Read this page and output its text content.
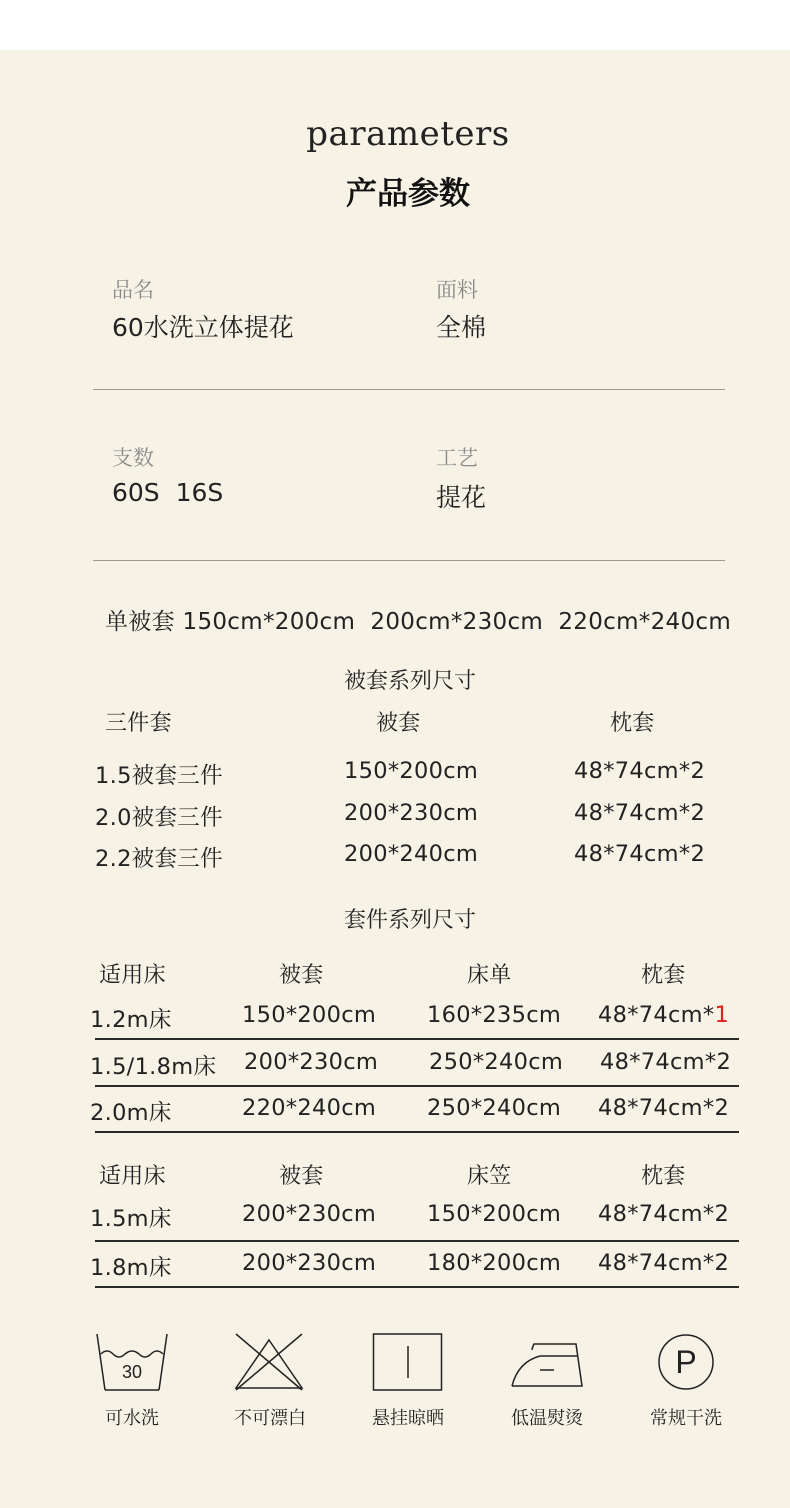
parameters
产品参数
品名
60水洗立体提花
面料
全棉
支数
60S  16S
工艺
提花
单被套 150cm*200cm  200cm*230cm  220cm*240cm
被套系列尺寸
三件套	被套	枕套
1.5被套三件	150*200cm	48*74cm*2
2.0被套三件	200*230cm	48*74cm*2
2.2被套三件	200*240cm	48*74cm*2
套件系列尺寸
适用床	被套	床单	枕套
1.2m床	150*200cm 160*235cm 48*74cm*1
1.5/1.8m床 200*230cm 250*240cm 48*74cm*2
2.0m床	220*240cm 250*240cm 48*74cm*2
适用床	被套	床笠	枕套
1.5m床	200*230cm 150*200cm 48*74cm*2
1.8m床	200*230cm 180*200cm 48*74cm*2
30
可水洗	不可漂白	悬挂晾晒	低温熨烫
P
常规干洗
